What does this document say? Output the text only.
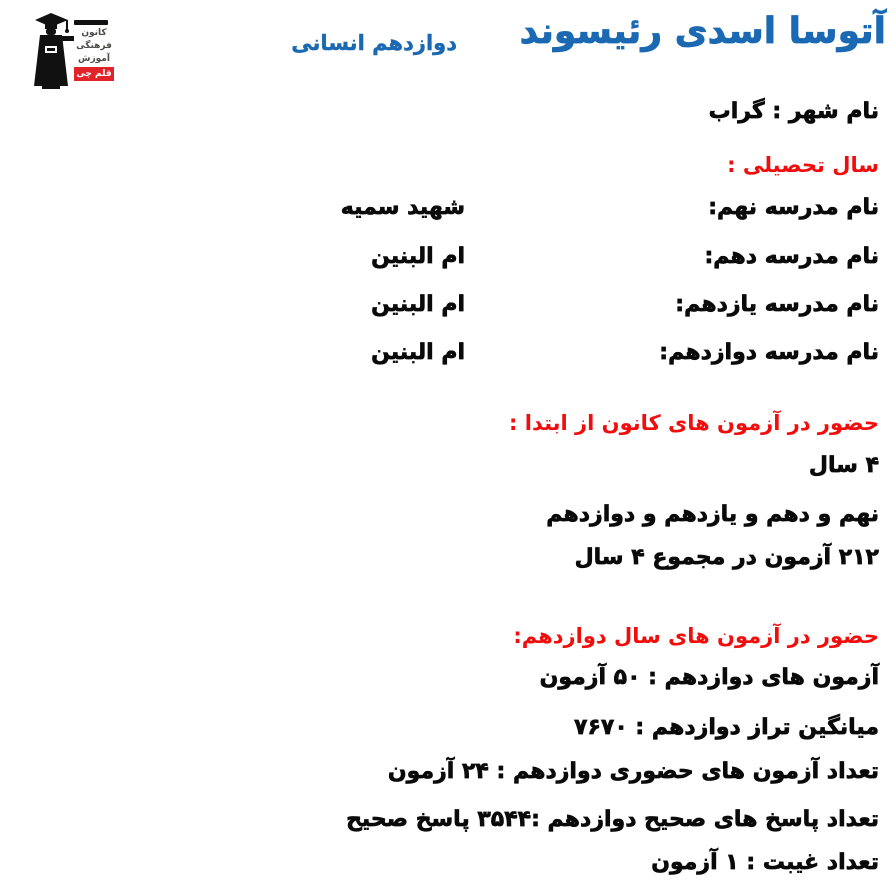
کانون
فرهنگی
آموزش
قلم چی
آتوسا اسدی رئیسوند
دوازدهم انسانی
نام شهر : گراب
سال تحصیلی :
نام مدرسه نهم:
شهید سمیه
نام مدرسه دهم:
ام البنین
نام مدرسه یازدهم:
ام البنین
نام مدرسه دوازدهم:
ام البنین
حضور در آزمون های کانون از ابتدا :
۴ سال
نهم و دهم و یازدهم و دوازدهم
۲۱۲ آزمون در مجموع ۴ سال
حضور در آزمون های سال دوازدهم:
آزمون های دوازدهم : ۵۰ آزمون
میانگین تراز دوازدهم : ۷۶۷۰
تعداد آزمون های حضوری دوازدهم : ۲۴ آزمون
تعداد پاسخ های صحیح دوازدهم :۳۵۴۴ پاسخ صحیح
تعداد غیبت : ۱ آزمون
